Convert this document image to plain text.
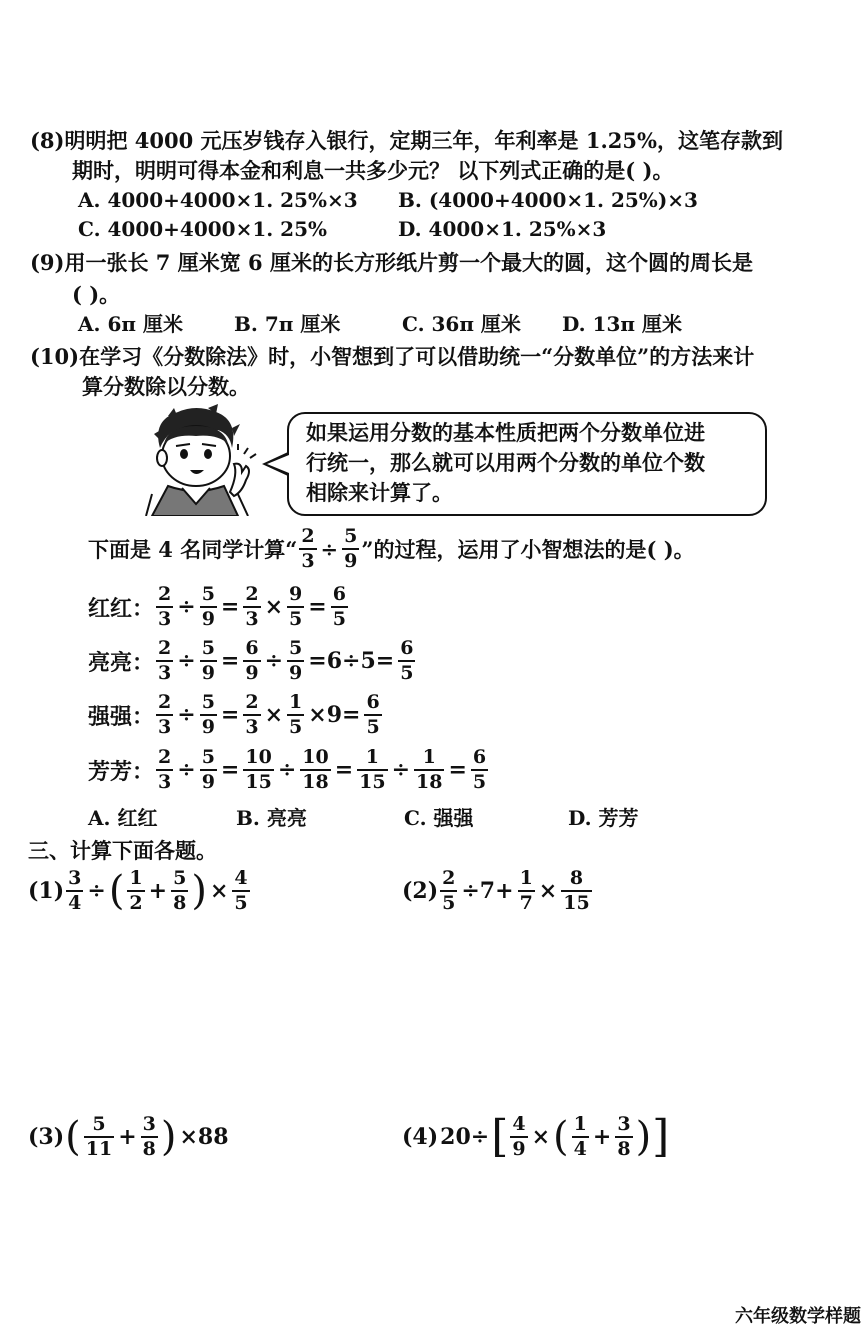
(8)明明把 4000 元压岁钱存入银行，定期三年，年利率是 1.25%，这笔存款到
期时，明明可得本金和利息一共多少元？ 以下列式正确的是( )。
A. 4000+4000×1. 25%×3 B. (4000+4000×1. 25%)×3
C. 4000+4000×1. 25%	D. 4000×1. 25%×3
(9)用一张长 7 厘米宽 6 厘米的长方形纸片剪一个最大的圆，这个圆的周长是
( )。
A. 6π 厘米	B. 7π 厘米	C. 36π 厘米 D. 13π 厘米
(10)在学习《分数除法》时，小智想到了可以借助统一“分数单位”的方法来计
算分数除以分数。
如果运用分数的基本性质把两个分数单位进
行统一，那么就可以用两个分数的单位个数
相除来计算了。
下面是 4 名同学计算“ $\frac{2}{3} \div \frac{5}{9}$ ”的过程，运用了小智想法的是( )。
红红： $\frac{2}{3} \div \frac{5}{9} = \frac{2}{3} \times \frac{9}{5} = \frac{6}{5}$
亮亮： $\frac{2}{3} \div \frac{5}{9} = \frac{6}{9} \div \frac{5}{9} =6\div 5= \frac{6}{5}$
强强： $\frac{2}{3} \div \frac{5}{9} = \frac{2}{3} \times \frac{1}{5} \times 9= \frac{6}{5}$
芳芳： $\frac{2}{3} \div \frac{5}{9} = \frac{10}{15} \div \frac{10}{18} = \frac{1}{15} \div \frac{1}{18} = \frac{6}{5}$
A. 红红	B. 亮亮	C. 强强	D. 芳芳
三、计算下面各题。
$(1) \frac{3}{4}$ ÷ ( $\frac{1}{2} + \frac{5}{8}$ ) × $\frac{4}{5}$	$(2) \frac{2}{5} \div 7+ \frac{1}{7} \times \frac{8}{15}$
(3) ( $\frac{5}{11} + \frac{3}{8}$ ) ×88	(4) 20÷ [ $\frac{4}{9}$ × ( $\frac{1}{4} + \frac{3}{8}$ ) ]
六年级数学样题
